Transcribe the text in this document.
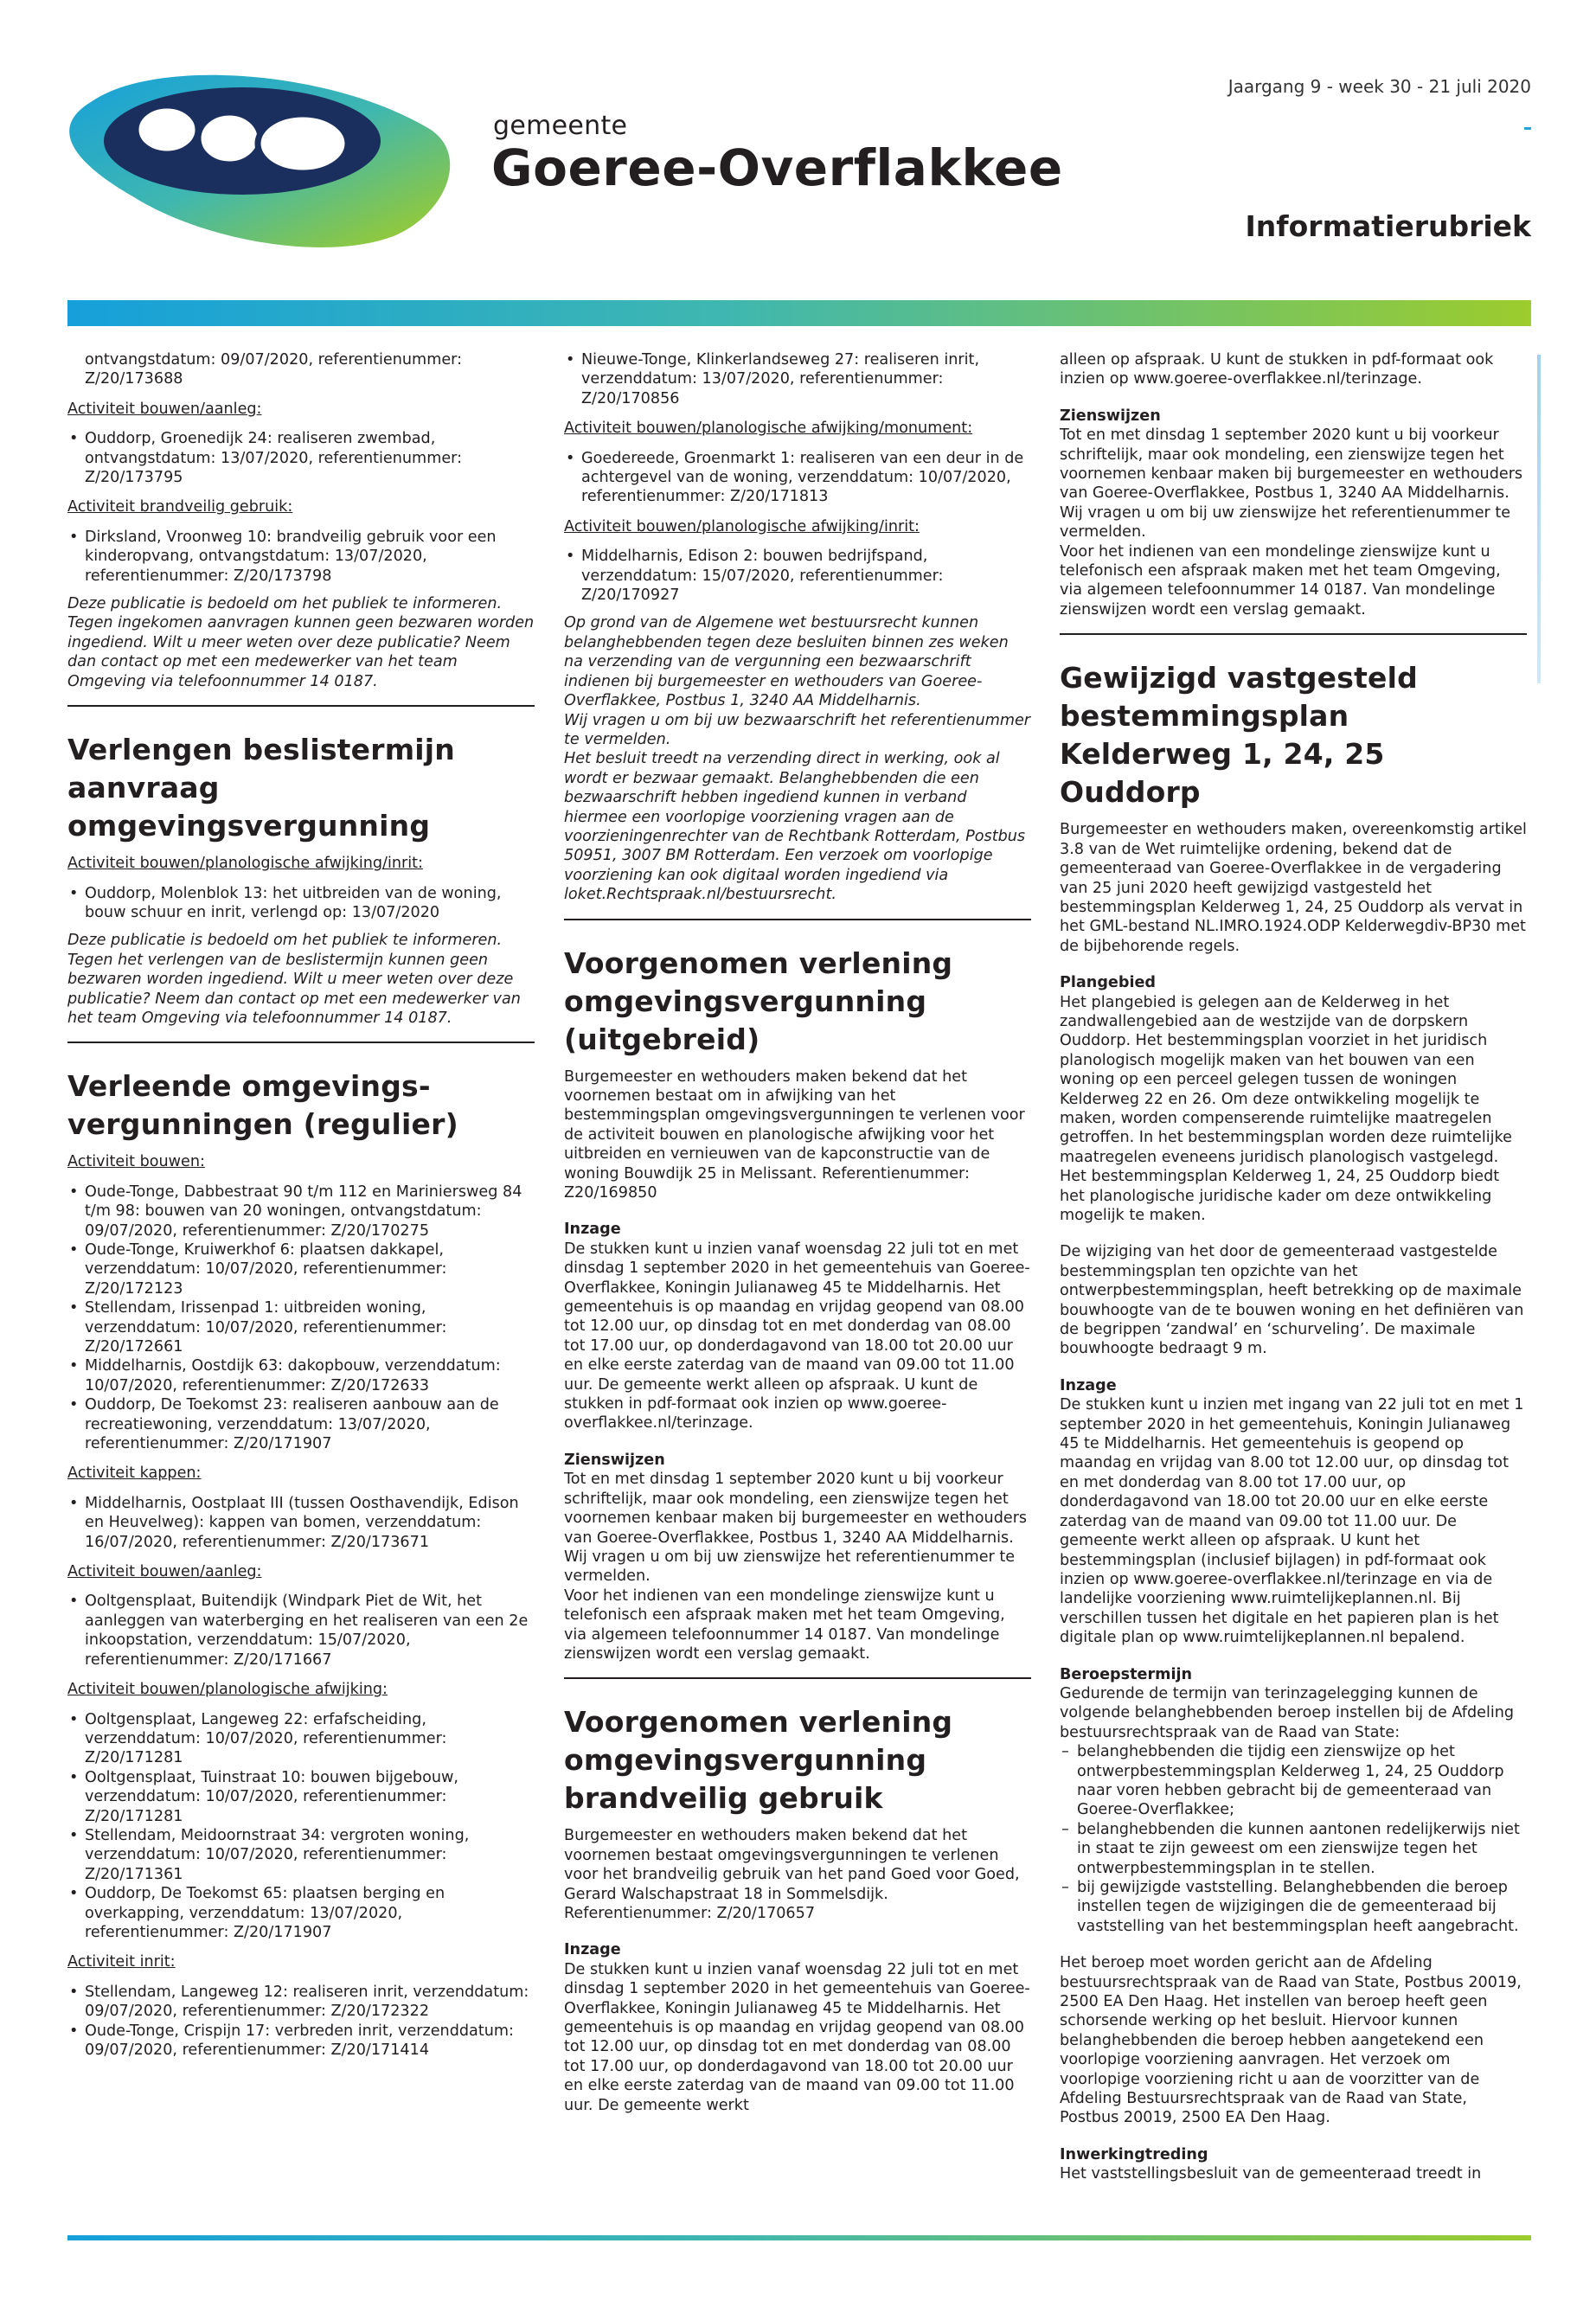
gemeente
Goeree-Overflakkee
Jaargang 9 - week 30 - 21 juli 2020
Informatierubriek

ontvangstdatum: 09/07/2020, referentienummer: Z/20/173688

Activiteit bouwen/aanleg:

• Ouddorp, Groenedijk 24: realiseren zwembad, ontvangstdatum: 13/07/2020, referentienummer: Z/20/173795

Activiteit brandveilig gebruik:

• Dirksland, Vroonweg 10: brandveilig gebruik voor een kinderopvang, ontvangstdatum: 13/07/2020, referentienummer: Z/20/173798

Deze publicatie is bedoeld om het publiek te informeren. Tegen ingekomen aanvragen kunnen geen bezwaren worden ingediend. Wilt u meer weten over deze publicatie? Neem dan contact op met een medewerker van het team Omgeving via telefoonnummer 14 0187.

Verlengen beslistermijn aanvraag omgevingsvergunning

Activiteit bouwen/planologische afwijking/inrit:

• Ouddorp, Molenblok 13: het uitbreiden van de woning, bouw schuur en inrit, verlengd op: 13/07/2020

Deze publicatie is bedoeld om het publiek te informeren. Tegen het verlengen van de beslistermijn kunnen geen bezwaren worden ingediend. Wilt u meer weten over deze publicatie? Neem dan contact op met een medewerker van het team Omgeving via telefoonnummer 14 0187.

Verleende omgevings- vergunningen (regulier)

Activiteit bouwen:

• Oude-Tonge, Dabbestraat 90 t/m 112 en Mariniersweg 84 t/m 98: bouwen van 20 woningen, ontvangstdatum: 09/07/2020, referentienummer: Z/20/170275
• Oude-Tonge, Kruiwerkhof 6: plaatsen dakkapel, verzenddatum: 10/07/2020, referentienummer: Z/20/172123
• Stellendam, Irissenpad 1: uitbreiden woning, verzenddatum: 10/07/2020, referentienummer: Z/20/172661
• Middelharnis, Oostdijk 63: dakopbouw, verzenddatum: 10/07/2020, referentienummer: Z/20/172633
• Ouddorp, De Toekomst 23: realiseren aanbouw aan de recreatiewoning, verzenddatum: 13/07/2020, referentienummer: Z/20/171907

Activiteit kappen:

• Middelharnis, Oostplaat III (tussen Oosthavendijk, Edison en Heuvelweg): kappen van bomen, verzenddatum: 16/07/2020, referentienummer: Z/20/173671

Activiteit bouwen/aanleg:

• Ooltgensplaat, Buitendijk (Windpark Piet de Wit, het aanleggen van waterberging en het realiseren van een 2e inkoopstation, verzenddatum: 15/07/2020, referentienummer: Z/20/171667

Activiteit bouwen/planologische afwijking:

• Ooltgensplaat, Langeweg 22: erfafscheiding, verzenddatum: 10/07/2020, referentienummer: Z/20/171281
• Ooltgensplaat, Tuinstraat 10: bouwen bijgebouw, verzenddatum: 10/07/2020, referentienummer: Z/20/171281
• Stellendam, Meidoornstraat 34: vergroten woning, verzenddatum: 10/07/2020, referentienummer: Z/20/171361
• Ouddorp, De Toekomst 65: plaatsen berging en overkapping, verzenddatum: 13/07/2020, referentienummer: Z/20/171907

Activiteit inrit:

• Stellendam, Langeweg 12: realiseren inrit, verzenddatum: 09/07/2020, referentienummer: Z/20/172322
• Oude-Tonge, Crispijn 17: verbreden inrit, verzenddatum: 09/07/2020, referentienummer: Z/20/171414
• Nieuwe-Tonge, Klinkerlandseweg 27: realiseren inrit, verzenddatum: 13/07/2020, referentienummer: Z/20/170856

Activiteit bouwen/planologische afwijking/monument:

• Goedereede, Groenmarkt 1: realiseren van een deur in de achtergevel van de woning, verzenddatum: 10/07/2020, referentienummer: Z/20/171813

Activiteit bouwen/planologische afwijking/inrit:

• Middelharnis, Edison 2: bouwen bedrijfspand, verzenddatum: 15/07/2020, referentienummer: Z/20/170927

Op grond van de Algemene wet bestuursrecht kunnen belanghebbenden tegen deze besluiten binnen zes weken na verzending van de vergunning een bezwaarschrift indienen bij burgemeester en wethouders van Goeree-Overflakkee, Postbus 1, 3240 AA Middelharnis.

Wij vragen u om bij uw bezwaarschrift het referentienummer te vermelden.

Het besluit treedt na verzending direct in werking, ook al wordt er bezwaar gemaakt. Belanghebbenden die een bezwaarschrift hebben ingediend kunnen in verband hiermee een voorlopige voorziening vragen aan de voorzieningenrechter van de Rechtbank Rotterdam, Postbus 50951, 3007 BM Rotterdam. Een verzoek om voorlopige voorziening kan ook digitaal worden ingediend via loket.Rechtspraak.nl/bestuursrecht.

Voorgenomen verlening omgevingsvergunning (uitgebreid)

Burgemeester en wethouders maken bekend dat het voornemen bestaat om in afwijking van het bestemmingsplan omgevingsvergunningen te verlenen voor de activiteit bouwen en planologische afwijking voor het uitbreiden en vernieuwen van de kapconstructie van de woning Bouwdijk 25 in Melissant. Referentienummer: Z20/169850

Inzage

De stukken kunt u inzien vanaf woensdag 22 juli tot en met dinsdag 1 september 2020 in het gemeentehuis van Goeree-Overflakkee, Koningin Julianaweg 45 te Middelharnis. Het gemeentehuis is op maandag en vrijdag geopend van 08.00 tot 12.00 uur, op dinsdag tot en met donderdag van 08.00 tot 17.00 uur, op donderdagavond van 18.00 tot 20.00 uur en elke eerste zaterdag van de maand van 09.00 tot 11.00 uur. De gemeente werkt alleen op afspraak. U kunt de stukken in pdf-formaat ook inzien op www.goeree-overflakkee.nl/terinzage.

Zienswijzen

Tot en met dinsdag 1 september 2020 kunt u bij voorkeur schriftelijk, maar ook mondeling, een zienswijze tegen het voornemen kenbaar maken bij burgemeester en wethouders van Goeree-Overflakkee, Postbus 1, 3240 AA Middelharnis. Wij vragen u om bij uw zienswijze het referentienummer te vermelden.

Voor het indienen van een mondelinge zienswijze kunt u telefonisch een afspraak maken met het team Omgeving, via algemeen telefoonnummer 14 0187. Van mondelinge zienswijzen wordt een verslag gemaakt.

Voorgenomen verlening omgevingsvergunning brandveilig gebruik

Burgemeester en wethouders maken bekend dat het voornemen bestaat omgevingsvergunningen te verlenen voor het brandveilig gebruik van het pand Goed voor Goed, Gerard Walschapstraat 18 in Sommelsdijk. Referentienummer: Z/20/170657

Inzage

De stukken kunt u inzien vanaf woensdag 22 juli tot en met dinsdag 1 september 2020 in het gemeentehuis van Goeree-Overflakkee, Koningin Julianaweg 45 te Middelharnis. Het gemeentehuis is op maandag en vrijdag geopend van 08.00 tot 12.00 uur, op dinsdag tot en met donderdag van 08.00 tot 17.00 uur, op donderdagavond van 18.00 tot 20.00 uur en elke eerste zaterdag van de maand van 09.00 tot 11.00 uur. De gemeente werkt

alleen op afspraak. U kunt de stukken in pdf-formaat ook inzien op www.goeree-overflakkee.nl/terinzage.

Zienswijzen

Tot en met dinsdag 1 september 2020 kunt u bij voorkeur schriftelijk, maar ook mondeling, een zienswijze tegen het voornemen kenbaar maken bij burgemeester en wethouders van Goeree-Overflakkee, Postbus 1, 3240 AA Middelharnis. Wij vragen u om bij uw zienswijze het referentienummer te vermelden.

Voor het indienen van een mondelinge zienswijze kunt u telefonisch een afspraak maken met het team Omgeving, via algemeen telefoonnummer 14 0187. Van mondelinge zienswijzen wordt een verslag gemaakt.

Gewijzigd vastgesteld bestemmingsplan Kelderweg 1, 24, 25 Ouddorp

Burgemeester en wethouders maken, overeenkomstig artikel 3.8 van de Wet ruimtelijke ordening, bekend dat de gemeenteraad van Goeree-Overflakkee in de vergadering van 25 juni 2020 heeft gewijzigd vastgesteld het bestemmingsplan Kelderweg 1, 24, 25 Ouddorp als vervat in het GML-bestand NL.IMRO.1924.ODP Kelderwegdiv-BP30 met de bijbehorende regels.

Plangebied

Het plangebied is gelegen aan de Kelderweg in het zandwallengebied aan de westzijde van de dorpskern Ouddorp. Het bestemmingsplan voorziet in het juridisch planologisch mogelijk maken van het bouwen van een woning op een perceel gelegen tussen de woningen Kelderweg 22 en 26. Om deze ontwikkeling mogelijk te maken, worden compenserende ruimtelijke maatregelen getroffen. In het bestemmingsplan worden deze ruimtelijke maatregelen eveneens juridisch planologisch vastgelegd. Het bestemmingsplan Kelderweg 1, 24, 25 Ouddorp biedt het planologische juridische kader om deze ontwikkeling mogelijk te maken.

De wijziging van het door de gemeenteraad vastgestelde bestemmingsplan ten opzichte van het ontwerpbestemmingsplan, heeft betrekking op de maximale bouwhoogte van de te bouwen woning en het definiëren van de begrippen ‘zandwal’ en ‘schurveling’. De maximale bouwhoogte bedraagt 9 m.

Inzage

De stukken kunt u inzien met ingang van 22 juli tot en met 1 september 2020 in het gemeentehuis, Koningin Julianaweg 45 te Middelharnis. Het gemeentehuis is geopend op maandag en vrijdag van 8.00 tot 12.00 uur, op dinsdag tot en met donderdag van 8.00 tot 17.00 uur, op donderdagavond van 18.00 tot 20.00 uur en elke eerste zaterdag van de maand van 09.00 tot 11.00 uur. De gemeente werkt alleen op afspraak. U kunt het bestemmingsplan (inclusief bijlagen) in pdf-formaat ook inzien op www.goeree-overflakkee.nl/terinzage en via de landelijke voorziening www.ruimtelijkeplannen.nl. Bij verschillen tussen het digitale en het papieren plan is het digitale plan op www.ruimtelijkeplannen.nl bepalend.

Beroepstermijn

Gedurende de termijn van terinzagelegging kunnen de volgende belanghebbenden beroep instellen bij de Afdeling bestuursrechtspraak van de Raad van State:

– belanghebbenden die tijdig een zienswijze op het ontwerpbestemmingsplan Kelderweg 1, 24, 25 Ouddorp naar voren hebben gebracht bij de gemeenteraad van Goeree-Overflakkee;
– belanghebbenden die kunnen aantonen redelijkerwijs niet in staat te zijn geweest om een zienswijze tegen het ontwerpbestemmingsplan in te stellen.
– bij gewijzigde vaststelling. Belanghebbenden die beroep instellen tegen de wijzigingen die de gemeenteraad bij vaststelling van het bestemmingsplan heeft aangebracht.

Het beroep moet worden gericht aan de Afdeling bestuursrechtspraak van de Raad van State, Postbus 20019, 2500 EA Den Haag. Het instellen van beroep heeft geen schorsende werking op het besluit. Hiervoor kunnen belanghebbenden die beroep hebben aangetekend een voorlopige voorziening aanvragen. Het verzoek om voorlopige voorziening richt u aan de voorzitter van de Afdeling Bestuursrechtspraak van de Raad van State, Postbus 20019, 2500 EA Den Haag.

Inwerkingtreding

Het vaststellingsbesluit van de gemeenteraad treedt in
